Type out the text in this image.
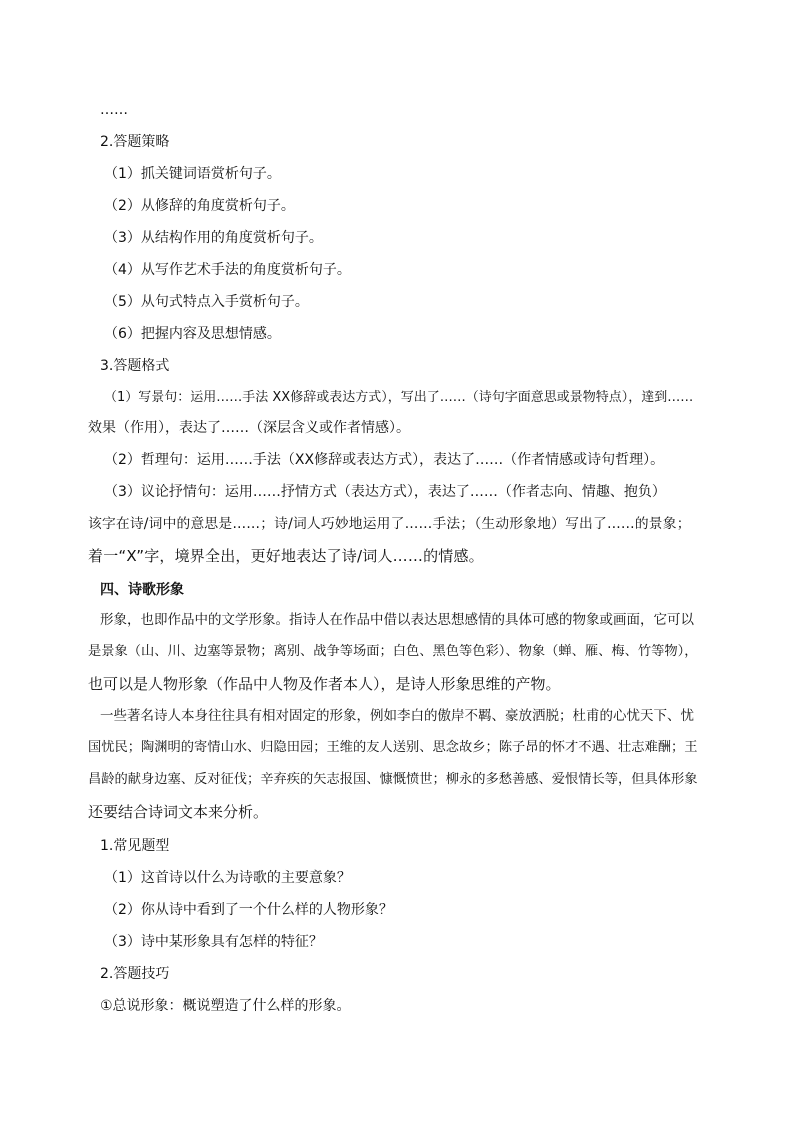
……

2.答题策略

（1）抓关键词语赏析句子。

（2）从修辞的角度赏析句子。

（3）从结构作用的角度赏析句子。

（4）从写作艺术手法的角度赏析句子。

（5）从句式特点入手赏析句子。

（6）把握内容及思想情感。

3.答题格式

（1）写景句：运用……手法 XX修辞或表达方式），写出了……（诗句字面意思或景物特点），達到……

效果（作用），表达了……（深层含义或作者情感）。

（2）哲理句：运用……手法（XX修辞或表达方式），表达了……（作者情感或诗句哲理）。

（3）议论抒情句：运用……抒情方式（表达方式），表达了……（作者志向、情趣、抱负）

该字在诗/词中的意思是……；诗/词人巧妙地运用了……手法；（生动形象地）写出了……的景象；

着一“X”字，境界全出，更好地表达了诗/词人……的情感。

四、诗歌形象

形象，也即作品中的文学形象。指诗人在作品中借以表达思想感情的具体可感的物象或画面，它可以

是景象（山、川、边塞等景物；离别、战争等场面；白色、黑色等色彩）、物象（蝉、雁、梅、竹等物），

也可以是人物形象（作品中人物及作者本人），是诗人形象思维的产物。

一些著名诗人本身往往具有相对固定的形象，例如李白的傲岸不羁、豪放洒脱；杜甫的心忧天下、忧

国忧民；陶渊明的寄情山水、归隐田园；王维的友人送别、思念故乡；陈子昂的怀才不遇、壮志难酬；王

昌龄的献身边塞、反对征伐；辛弃疾的矢志报国、慷慨愤世；柳永的多愁善感、爱恨情长等，但具体形象

还要结合诗词文本来分析。

1.常见题型

（1）这首诗以什么为诗歌的主要意象？

（2）你从诗中看到了一个什么样的人物形象？

（3）诗中某形象具有怎样的特征？

2.答题技巧

①总说形象：概说塑造了什么样的形象。
